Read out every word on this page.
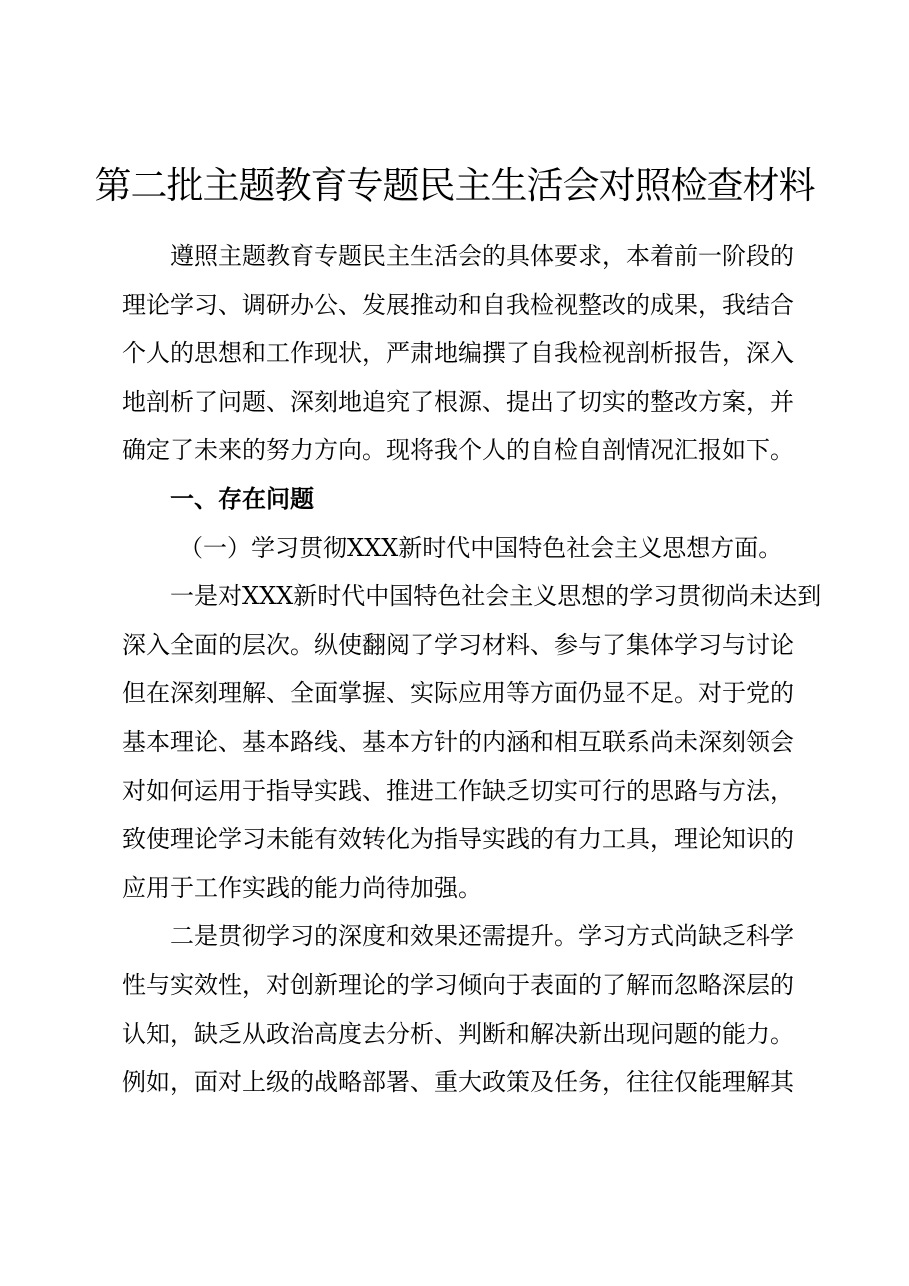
第二批主题教育专题民主生活会对照检查材料
遵照主题教育专题民主生活会的具体要求，本着前一阶段的
理论学习、调研办公、发展推动和自我检视整改的成果，我结合
个人的思想和工作现状，严肃地编撰了自我检视剖析报告，深入
地剖析了问题、深刻地追究了根源、提出了切实的整改方案，并
确定了未来的努力方向。现将我个人的自检自剖情况汇报如下。
一、存在问题
（一）学习贯彻XXX新时代中国特色社会主义思想方面。
一是对XXX新时代中国特色社会主义思想的学习贯彻尚未达到
深入全面的层次。纵使翻阅了学习材料、参与了集体学习与讨论
但在深刻理解、全面掌握、实际应用等方面仍显不足。对于党的
基本理论、基本路线、基本方针的内涵和相互联系尚未深刻领会
对如何运用于指导实践、推进工作缺乏切实可行的思路与方法，
致使理论学习未能有效转化为指导实践的有力工具，理论知识的
应用于工作实践的能力尚待加强。
二是贯彻学习的深度和效果还需提升。学习方式尚缺乏科学
性与实效性，对创新理论的学习倾向于表面的了解而忽略深层的
认知，缺乏从政治高度去分析、判断和解决新出现问题的能力。
例如，面对上级的战略部署、重大政策及任务，往往仅能理解其
